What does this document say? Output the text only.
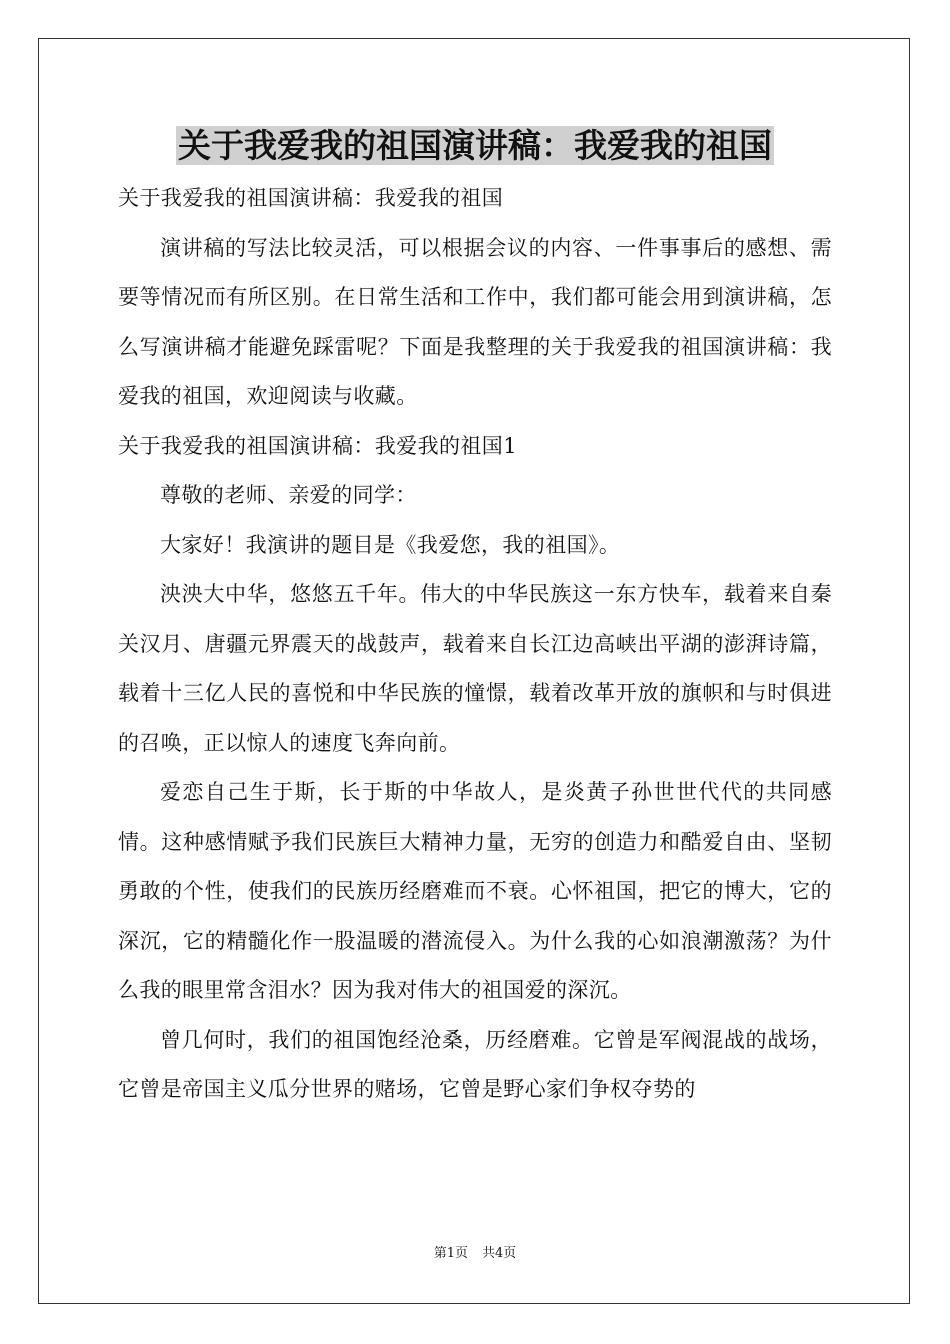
关于我爱我的祖国演讲稿：我爱我的祖国

关于我爱我的祖国演讲稿：我爱我的祖国

演讲稿的写法比较灵活，可以根据会议的内容、一件事事后的感想、需要等情况而有所区别。在日常生活和工作中，我们都可能会用到演讲稿，怎么写演讲稿才能避免踩雷呢？下面是我整理的关于我爱我的祖国演讲稿：我爱我的祖国，欢迎阅读与收藏。

关于我爱我的祖国演讲稿：我爱我的祖国1

尊敬的老师、亲爱的同学：

大家好！我演讲的题目是《我爱您，我的祖国》。

泱泱大中华，悠悠五千年。伟大的中华民族这一东方快车，载着来自秦关汉月、唐疆元界震天的战鼓声，载着来自长江边高峡出平湖的澎湃诗篇，载着十三亿人民的喜悦和中华民族的憧憬，载着改革开放的旗帜和与时俱进的召唤，正以惊人的速度飞奔向前。

爱恋自己生于斯，长于斯的中华故人，是炎黄子孙世世代代的共同感情。这种感情赋予我们民族巨大精神力量，无穷的创造力和酷爱自由、坚韧勇敢的个性，使我们的民族历经磨难而不衰。心怀祖国，把它的博大，它的深沉，它的精髓化作一股温暖的潜流侵入。为什么我的心如浪潮激荡？为什么我的眼里常含泪水？因为我对伟大的祖国爱的深沉。

曾几何时，我们的祖国饱经沧桑，历经磨难。它曾是军阀混战的战场，它曾是帝国主义瓜分世界的赌场，它曾是野心家们争权夺势的

第1页 共4页
